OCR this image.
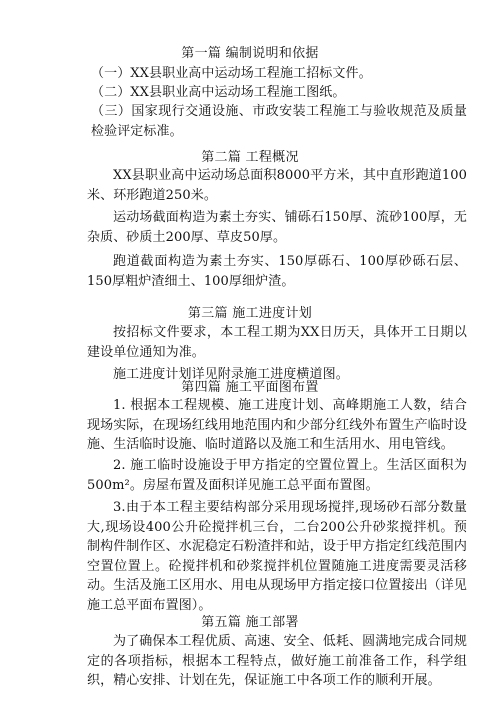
第一篇 编制说明和依据
（一）XX县职业高中运动场工程施工招标文件。
（二）XX县职业高中运动场工程施工图纸。
（三）国家现行交通设施、市政安装工程施工与验收规范及质量检验评定标准。
第二篇 工程概况
XX县职业高中运动场总面积8000平方米，其中直形跑道100米、环形跑道250米。
运动场截面构造为素土夯实、铺砾石150厚、流砂100厚，无杂质、砂质土200厚、草皮50厚。
跑道截面构造为素土夯实、150厚砾石、100厚砂砾石层、150厚粗炉渣细土、100厚细炉渣。
第三篇 施工进度计划
按招标文件要求，本工程工期为XX日历天，具体开工日期以建设单位通知为准。
施工进度计划详见附录施工进度横道图。
第四篇 施工平面图布置
1. 根据本工程规模、施工进度计划、高峰期施工人数，结合现场实际，在现场红线用地范围内和少部分红线外布置生产临时设施、生活临时设施、临时道路以及施工和生活用水、用电管线。
2. 施工临时设施设于甲方指定的空置位置上。生活区面积为500m²。房屋布置及面积详见施工总平面布置图。
3.由于本工程主要结构部分采用现场搅拌,现场砂石部分数量大,现场设400公升砼搅拌机三台，二台200公升砂浆搅拌机。预制构件制作区、水泥稳定石粉渣拌和站，设于甲方指定红线范围内空置位置上。砼搅拌机和砂浆搅拌机位置随施工进度需要灵活移动。生活及施工区用水、用电从现场甲方指定接口位置接出（详见施工总平面布置图）。
第五篇 施工部署
为了确保本工程优质、高速、安全、低耗、圆满地完成合同规定的各项指标，根据本工程特点，做好施工前准备工作，科学组织，精心安排、计划在先，保证施工中各项工作的顺利开展。
